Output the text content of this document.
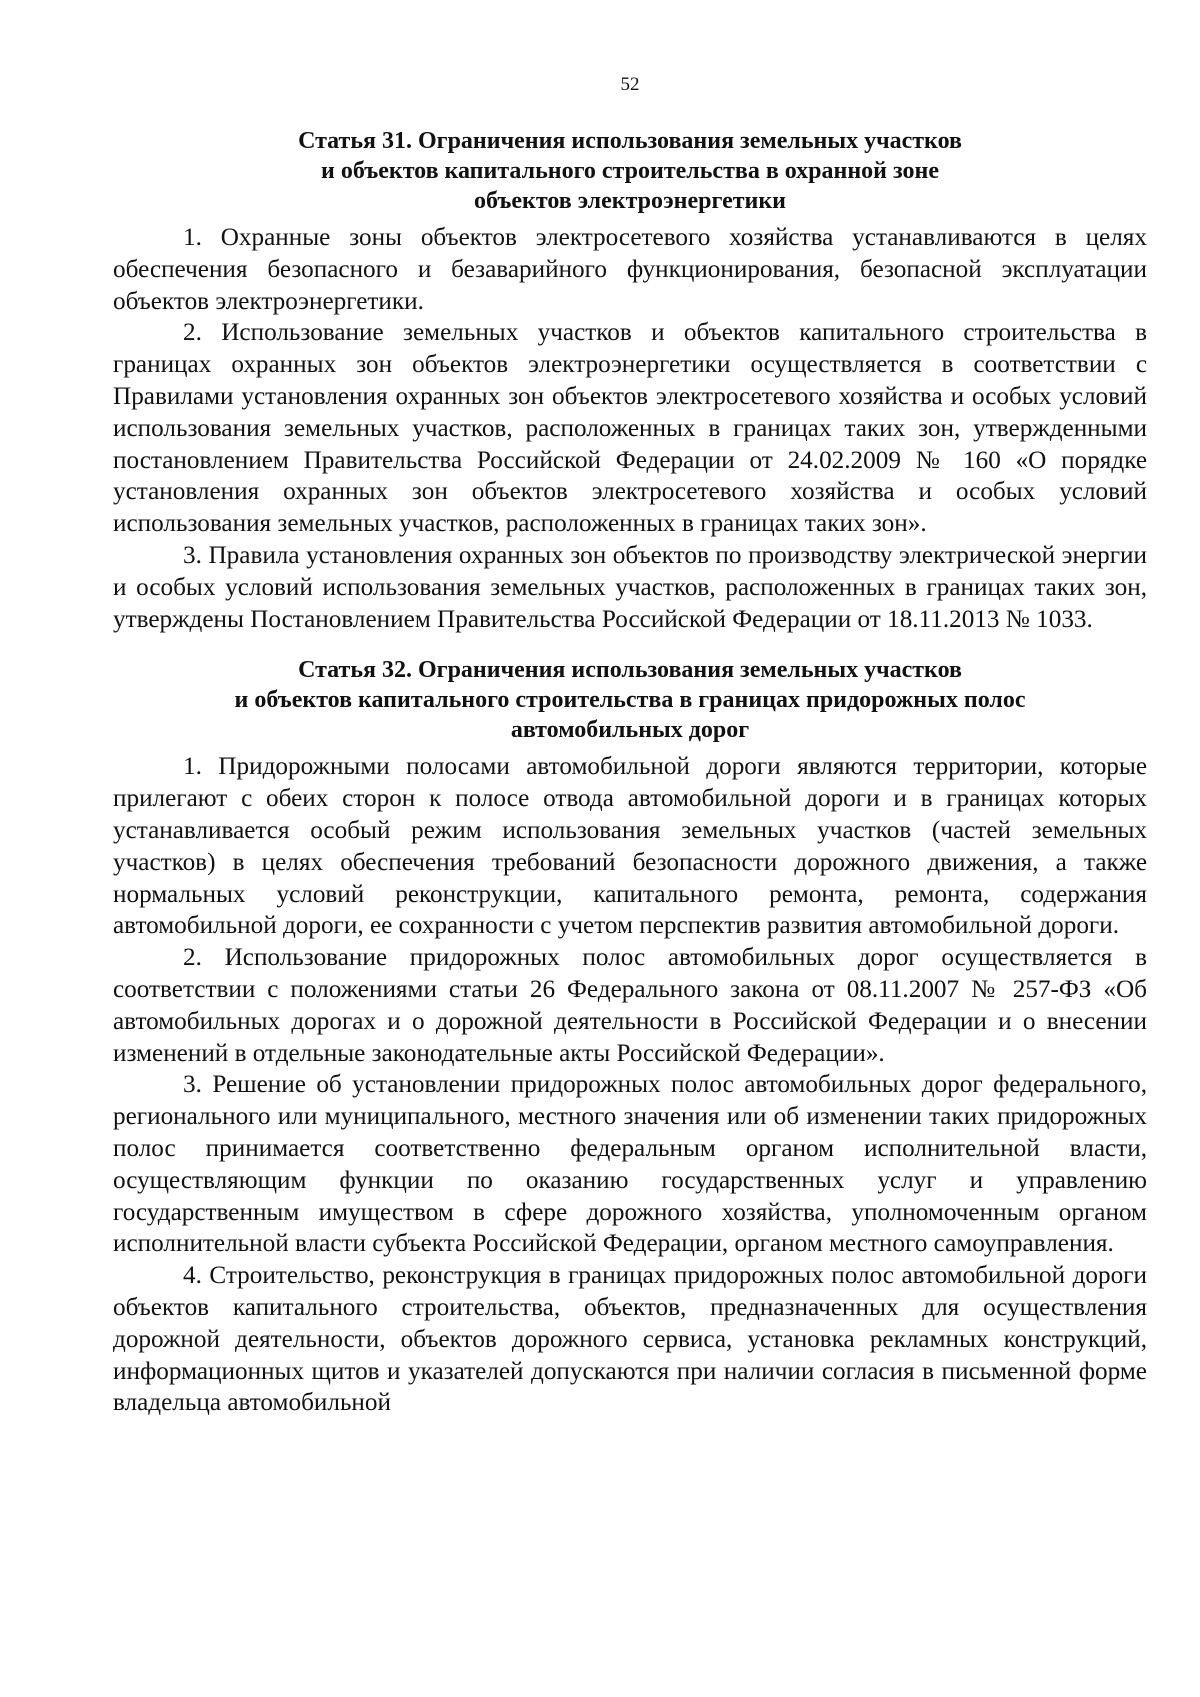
52
Статья 31. Ограничения использования земельных участков
и объектов капитального строительства в охранной зоне
объектов электроэнергетики

1. Охранные зоны объектов электросетевого хозяйства устанавливаются в целях обеспечения безопасного и безаварийного функционирования, безопасной эксплуатации объектов электроэнергетики.

2. Использование земельных участков и объектов капитального строительства в границах охранных зон объектов электроэнергетики осуществляется в соответствии с Правилами установления охранных зон объектов электросетевого хозяйства и особых условий использования земельных участков, расположенных в границах таких зон, утвержденными постановлением Правительства Российской Федерации от 24.02.2009 № 160 «О порядке установления охранных зон объектов электросетевого хозяйства и особых условий использования земельных участков, расположенных в границах таких зон».

3. Правила установления охранных зон объектов по производству электрической энергии и особых условий использования земельных участков, расположенных в границах таких зон, утверждены Постановлением Правительства Российской Федерации от 18.11.2013 № 1033.

Статья 32. Ограничения использования земельных участков
и объектов капитального строительства в границах придорожных полос
автомобильных дорог

1. Придорожными полосами автомобильной дороги являются территории, которые прилегают с обеих сторон к полосе отвода автомобильной дороги и в границах которых устанавливается особый режим использования земельных участков (частей земельных участков) в целях обеспечения требований безопасности дорожного движения, а также нормальных условий реконструкции, капитального ремонта, ремонта, содержания автомобильной дороги, ее сохранности с учетом перспектив развития автомобильной дороги.

2. Использование придорожных полос автомобильных дорог осуществляется в соответствии с положениями статьи 26 Федерального закона от 08.11.2007 № 257-ФЗ «Об автомобильных дорогах и о дорожной деятельности в Российской Федерации и о внесении изменений в отдельные законодательные акты Российской Федерации».

3. Решение об установлении придорожных полос автомобильных дорог федерального, регионального или муниципального, местного значения или об изменении таких придорожных полос принимается соответственно федеральным органом исполнительной власти, осуществляющим функции по оказанию государственных услуг и управлению государственным имуществом в сфере дорожного хозяйства, уполномоченным органом исполнительной власти субъекта Российской Федерации, органом местного самоуправления.

4. Строительство, реконструкция в границах придорожных полос автомобильной дороги объектов капитального строительства, объектов, предназначенных для осуществления дорожной деятельности, объектов дорожного сервиса, установка рекламных конструкций, информационных щитов и указателей допускаются при наличии согласия в письменной форме владельца автомобильной
